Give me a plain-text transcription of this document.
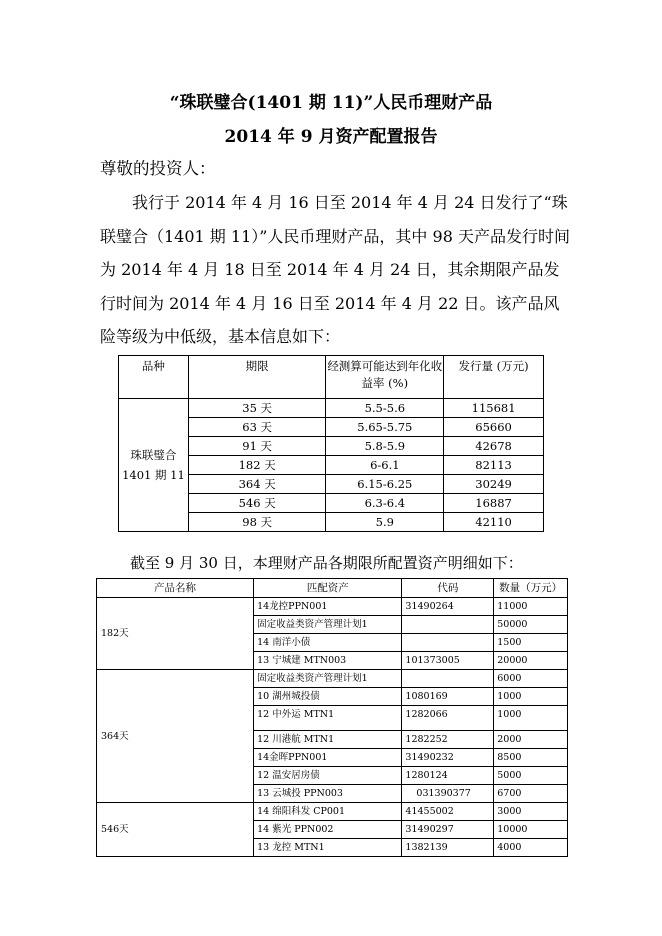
“珠联璧合(1401 期 11)”人民币理财产品
2014 年 9 月资产配置报告
尊敬的投资人：
我行于 2014 年 4 月 16 日至 2014 年 4 月 24 日发行了“珠联璧合（1401 期 11）”人民币理财产品，其中 98 天产品发行时间为 2014 年 4 月 18 日至 2014 年 4 月 24 日，其余期限产品发行时间为 2014 年 4 月 16 日至 2014 年 4 月 22 日。该产品风险等级为中低级，基本信息如下：
品种	期限	经测算可能达到年化收益率 (%)	发行量 (万元)
珠联璧合 1401 期 11	35 天	5.5-5.6	115681
	63 天	5.65-5.75	65660
	91 天	5.8-5.9	42678
	182 天	6-6.1	82113
	364 天	6.15-6.25	30249
	546 天	6.3-6.4	16887
	98 天	5.9	42110
截至 9 月 30 日，本理财产品各期限所配置资产明细如下：
产品名称	匹配资产	代码	数量（万元）
182天	14龙控PPN001	31490264	11000
	固定收益类资产管理计划1		50000
	14 南洋小债		1500
	13 宁城建 MTN003	101373005	20000
364天	固定收益类资产管理计划1		6000
	10 湖州城投债	1080169	1000
	12 中外运 MTN1	1282066	1000
	12 川港航 MTN1	1282252	2000
	14金晖PPN001	31490232	8500
	12 温安居房债	1280124	5000
	13 云城投 PPN003	031390377	6700
546天	14 绵阳科发 CP001	41455002	3000
	14 紫光 PPN002	31490297	10000
	13 龙控 MTN1	1382139	4000
